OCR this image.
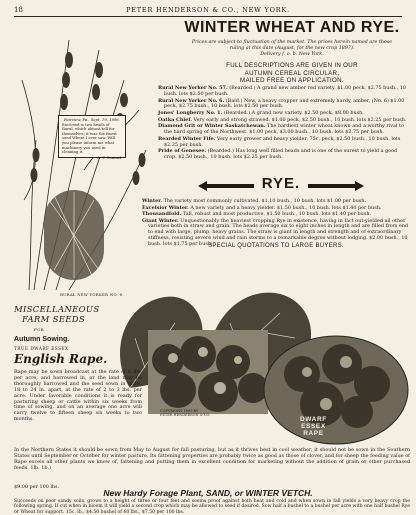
18	PETER HENDERSON & CO., NEW YORK.
Fairview, Pa., Sept. 19, 1896.
Enclosed is two heads of Rural, which almost tell for themselves; it was the finest seed Wheat I ever saw. Will you please inform me what machinery you used in cleaning it.
A. P. Conrad.
RURAL NEW YORKER NO. 6.
WINTER WHEAT AND RYE.
Prices are subject to fluctuation of the market. The prices herein named are those
ruling at this date (August, for the new crop 1897).
Delivery f. o. b. New York.
FULL DESCRIPTIONS ARE GIVEN IN OUR
AUTUMN CEREAL CIRCULAR,
MAILED FREE ON APPLICATION.
Rural New Yorker No. 57. (Bearded.) A grand new amber red variety. $1.00 peck, $2.75 bush., 10 bush. lots $2.50 per bush.
Rural New Yorker No. 6. (Bald.) New, a heavy cropper and extremely hardy, amber, (No. 6) $1.00 peck, $2.75 bush., 10 bush. lots $2.50 per bush.
Jones' Longberry No. 1. (Bearded.) A grand new variety. $2.50 peck, $8.00 bush.
Oatka Chief. Very early and strong strawed. $1.00 peck, $2.50 bush., 10 bush. lots $2.25 per bush.
Diamond Grit or Winter Saskatchewan. The hardiest winter wheat known and a worthy rival to the hard spring of the Northwest. $1.00 peck, $3.00 bush., 10 bush. lots $2.75 per bush.
Bearded Winter Fife. Very early grower and heavy yielder. 75c. peck, $2.50 bush., 10 bush. lots $2.25 per bush.
Pride of Genesee. (Bearded.) Has long well filled heads and is one of the surest to yield a good crop. $2.50 bush., 10 bush. lots $2.25 per bush.
RYE.
Winter. The variety most commonly cultivated. $1.10 bush., 10 bush. lots $1.00 per bush.
Excelsior Winter. A new variety and a heavy yielder. $1.50 bush., 10 bush. lots $1.40 per bush.
Thousandfold. Tall, robust and most productive. $1.50 bush., 10 bush. lots $1.40 per bush.
Giant Winter. Unquestionably the heaviest cropping Rye in existence, having in fact out-yielded all other varieties both in straw and grain. The heads average six to eight inches in length and are filled from end to end with large, plump, heavy grains. The straw is giant in length and strength and of extraordinary stiffness, resisting severe wind and rain storms to a remarkable degree without lodging. $2.00 bush., 10 bush. lots $1.75 per bush.
SPECIAL QUOTATIONS TO LARGE BUYERS.
MISCELLANEOUS
FARM SEEDS
FOR
Autumn Sowing.
TRUE DWARF ESSEX
English Rape.
COPYRIGHT 1895 BY
PETER HENDERSON & CO.
DWARF
ESSEX
RAPE
Rape may be sown broadcast at the rate of 6 lbs. per acre, and harrowed in, or the land may be thoroughly harrowed and the seed sown in drills, 18 to 24 in. apart, at the rate of 2 to 3 lbs. per acre. Under favorable conditions it is ready for pasturing sheep or cattle within six weeks from time of sowing, and on an average one acre will carry twelve to fifteen sheep six weeks to two months.
In the Northern States it should be sown from May to August for fall pasturing, but as it thrives best in cool weather, it should not be sown in the Southern States until September or October for winter pasture. Its fattening properties are probably twice as good as those of clover, and for sheep the feeding value of Rape excels all other plants we know of, fattening and putting them in excellent condition for marketing without the addition of grain or other purchased feeds. 1lb. 1b.)
$9.00 per 100 lbs.
New Hardy Forage Plant, SAND, or WINTER VETCH.
Succeeds on poor sandy soils, grows to a height of three or four feet and seems proof against both heat and cold and when sown in fall yields a very heavy crop the following spring. If cut when in bloom it will yield a second crop which may be allowed to seed if desired. Sow half a bushel to a bushel per acre with one half bushel Rye or Wheat for support. 15c. lb., $4.50 bushel of 60 lbs., $7.50 per 100 lbs.
